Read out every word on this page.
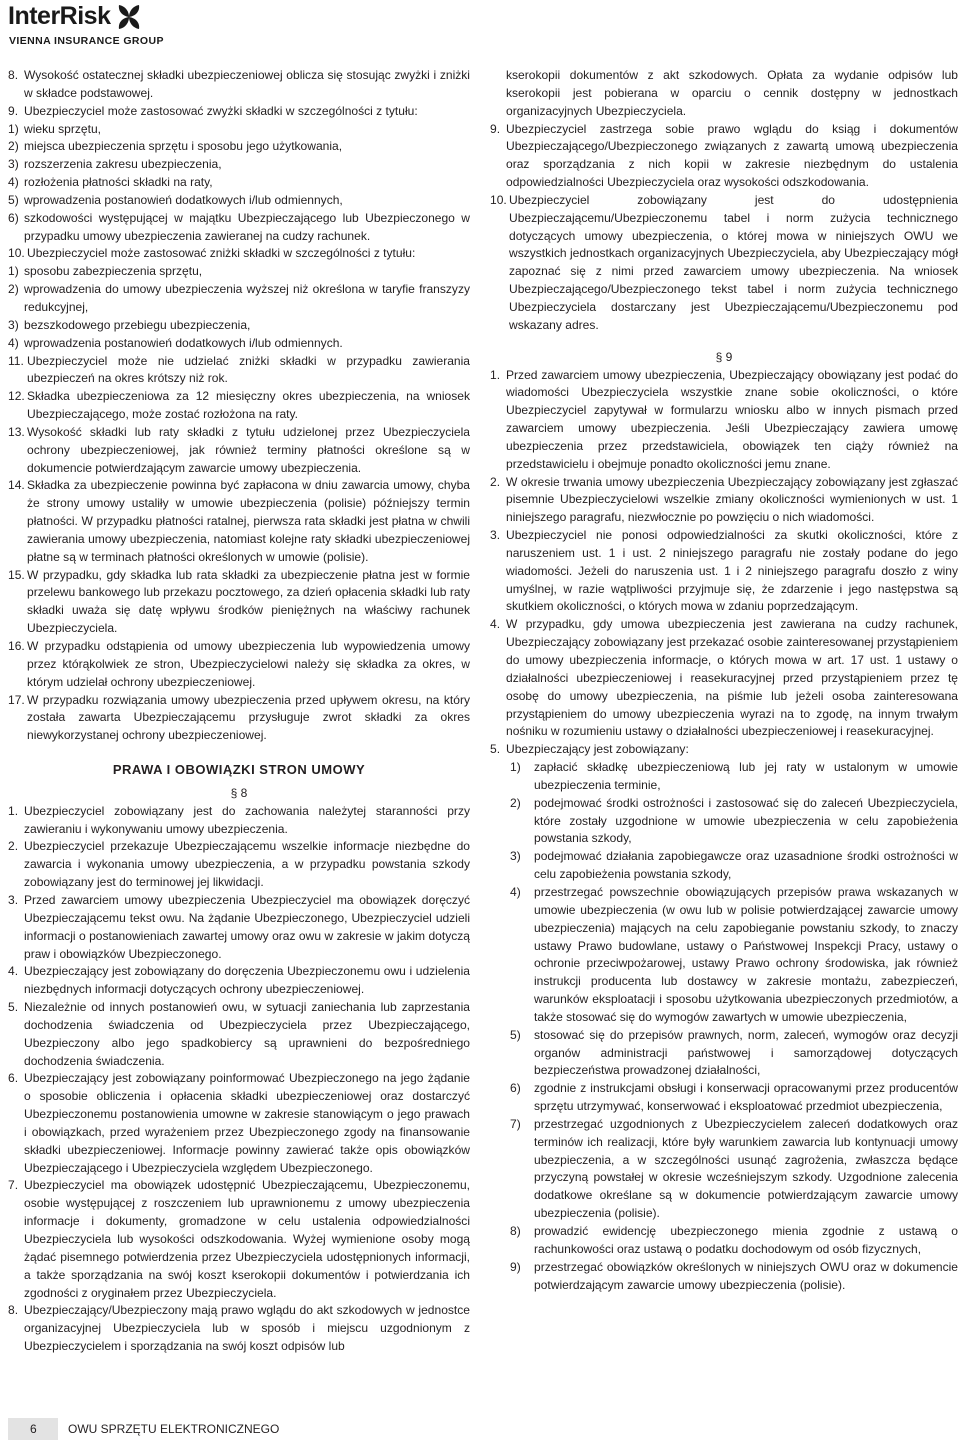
InterRisk
VIENNA INSURANCE GROUP
8. Wysokość ostatecznej składki ubezpieczeniowej oblicza się stosując zwyżki i zniżki w składce podstawowej.
9. Ubezpieczyciel może zastosować zwyżki składki w szczególności z tytułu:
1) wieku sprzętu,
2) miejsca ubezpieczenia sprzętu i sposobu jego użytkowania,
3) rozszerzenia zakresu ubezpieczenia,
4) rozłożenia płatności składki na raty,
5) wprowadzenia postanowień dodatkowych i/lub odmiennych,
6) szkodowości występującej w majątku Ubezpieczającego lub Ubezpieczonego w przypadku umowy ubezpieczenia zawieranej na cudzy rachunek.
10. Ubezpieczyciel może zastosować zniżki składki w szczególności z tytułu:
1) sposobu zabezpieczenia sprzętu,
2) wprowadzenia do umowy ubezpieczenia wyższej niż określona w taryfie franszyzy redukcyjnej,
3) bezszkodowego przebiegu ubezpieczenia,
4) wprowadzenia postanowień dodatkowych i/lub odmiennych.
11. Ubezpieczyciel może nie udzielać zniżki składki w przypadku zawierania ubezpieczeń na okres krótszy niż rok.
12. Składka ubezpieczeniowa za 12 miesięczny okres ubezpieczenia, na wniosek Ubezpieczającego, może zostać rozłożona na raty.
13. Wysokość składki lub raty składki z tytułu udzielonej przez Ubezpieczyciela ochrony ubezpieczeniowej, jak również terminy płatności określone są w dokumencie potwierdzającym zawarcie umowy ubezpieczenia.
14. Składka za ubezpieczenie powinna być zapłacona w dniu zawarcia umowy, chyba że strony umowy ustaliły w umowie ubezpieczenia (polisie) późniejszy termin płatności. W przypadku płatności ratalnej, pierwsza rata składki jest płatna w chwili zawierania umowy ubezpieczenia, natomiast kolejne raty składki ubezpieczeniowej płatne są w terminach płatności określonych w umowie (polisie).
15. W przypadku, gdy składka lub rata składki za ubezpieczenie płatna jest w formie przelewu bankowego lub przekazu pocztowego, za dzień opłacenia składki lub raty składki uważa się datę wpływu środków pieniężnych na właściwy rachunek Ubezpieczyciela.
16. W przypadku odstąpienia od umowy ubezpieczenia lub wypowiedzenia umowy przez którąkolwiek ze stron, Ubezpieczycielowi należy się składka za okres, w którym udzielał ochrony ubezpieczeniowej.
17. W przypadku rozwiązania umowy ubezpieczenia przed upływem okresu, na który została zawarta Ubezpieczającemu przysługuje zwrot składki za okres niewykorzystanej ochrony ubezpieczeniowej.
PRAWA I OBOWIĄZKI STRON UMOWY
§ 8
1. Ubezpieczyciel zobowiązany jest do zachowania należytej staranności przy zawieraniu i wykonywaniu umowy ubezpieczenia.
2. Ubezpieczyciel przekazuje Ubezpieczającemu wszelkie informacje niezbędne do zawarcia i wykonania umowy ubezpieczenia, a w przypadku powstania szkody zobowiązany jest do terminowej jej likwidacji.
3. Przed zawarciem umowy ubezpieczenia Ubezpieczyciel ma obowiązek doręczyć Ubezpieczającemu tekst owu. Na żądanie Ubezpieczonego, Ubezpieczyciel udzieli informacji o postanowieniach zawartej umowy oraz owu w zakresie w jakim dotyczą praw i obowiązków Ubezpieczonego.
4. Ubezpieczający jest zobowiązany do doręczenia Ubezpieczonemu owu i udzielenia niezbędnych informacji dotyczących ochrony ubezpieczeniowej.
5. Niezależnie od innych postanowień owu, w sytuacji zaniechania lub zaprzestania dochodzenia świadczenia od Ubezpieczyciela przez Ubezpieczającego, Ubezpieczony albo jego spadkobiercy są uprawnieni do bezpośredniego dochodzenia świadczenia.
6. Ubezpieczający jest zobowiązany poinformować Ubezpieczonego na jego żądanie o sposobie obliczenia i opłacenia składki ubezpieczeniowej oraz dostarczyć Ubezpieczonemu postanowienia umowne w zakresie stanowiącym o jego prawach i obowiązkach, przed wyrażeniem przez Ubezpieczonego zgody na finansowanie składki ubezpieczeniowej. Informacje powinny zawierać także opis obowiązków Ubezpieczającego i Ubezpieczyciela względem Ubezpieczonego.
7. Ubezpieczyciel ma obowiązek udostępnić Ubezpieczającemu, Ubezpieczonemu, osobie występującej z roszczeniem lub uprawnionemu z umowy ubezpieczenia informacje i dokumenty, gromadzone w celu ustalenia odpowiedzialności Ubezpieczyciela lub wysokości odszkodowania. Wyżej wymienione osoby mogą żądać pisemnego potwierdzenia przez Ubezpieczyciela udostępnionych informacji, a także sporządzania na swój koszt kserokopii dokumentów i potwierdzania ich zgodności z oryginałem przez Ubezpieczyciela.
8. Ubezpieczający/Ubezpieczony mają prawo wglądu do akt szkodowych w jednostce organizacyjnej Ubezpieczyciela lub w sposób i miejscu uzgodnionym z Ubezpieczycielem i sporządzania na swój koszt odpisów lub
kserokopii dokumentów z akt szkodowych. Opłata za wydanie odpisów lub kserokopii jest pobierana w oparciu o cennik dostępny w jednostkach organizacyjnych Ubezpieczyciela.
9. Ubezpieczyciel zastrzega sobie prawo wglądu do ksiąg i dokumentów Ubezpieczającego/Ubezpieczonego związanych z zawartą umową ubezpieczenia oraz sporządzania z nich kopii w zakresie niezbędnym do ustalenia odpowiedzialności Ubezpieczyciela oraz wysokości odszkodowania.
10. Ubezpieczyciel zobowiązany jest do udostępnienia Ubezpieczającemu/Ubezpieczonemu tabel i norm zużycia technicznego dotyczących umowy ubezpieczenia, o której mowa w niniejszych OWU we wszystkich jednostkach organizacyjnych Ubezpieczyciela, aby Ubezpieczający mógł zapoznać się z nimi przed zawarciem umowy ubezpieczenia. Na wniosek Ubezpieczającego/Ubezpieczonego tekst tabel i norm zużycia technicznego Ubezpieczyciela dostarczany jest Ubezpieczającemu/Ubezpieczonemu pod wskazany adres.
§ 9
1. Przed zawarciem umowy ubezpieczenia, Ubezpieczający obowiązany jest podać do wiadomości Ubezpieczyciela wszystkie znane sobie okoliczności, o które Ubezpieczyciel zapytywał w formularzu wniosku albo w innych pismach przed zawarciem umowy ubezpieczenia. Jeśli Ubezpieczający zawiera umowę ubezpieczenia przez przedstawiciela, obowiązek ten ciąży również na przedstawicielu i obejmuje ponadto okoliczności jemu znane.
2. W okresie trwania umowy ubezpieczenia Ubezpieczający zobowiązany jest zgłaszać pisemnie Ubezpieczycielowi wszelkie zmiany okoliczności wymienionych w ust. 1 niniejszego paragrafu, niezwłocznie po powzięciu o nich wiadomości.
3. Ubezpieczyciel nie ponosi odpowiedzialności za skutki okoliczności, które z naruszeniem ust. 1 i ust. 2 niniejszego paragrafu nie zostały podane do jego wiadomości. Jeżeli do naruszenia ust. 1 i 2 niniejszego paragrafu doszło z winy umyślnej, w razie wątpliwości przyjmuje się, że zdarzenie i jego następstwa są skutkiem okoliczności, o których mowa w zdaniu poprzedzającym.
4. W przypadku, gdy umowa ubezpieczenia jest zawierana na cudzy rachunek, Ubezpieczający zobowiązany jest przekazać osobie zainteresowanej przystąpieniem do umowy ubezpieczenia informacje, o których mowa w art. 17 ust. 1 ustawy o działalności ubezpieczeniowej i reasekuracyjnej przed przystąpieniem przez tę osobę do umowy ubezpieczenia, na piśmie lub jeżeli osoba zainteresowana przystąpieniem do umowy ubezpieczenia wyrazi na to zgodę, na innym trwałym nośniku w rozumieniu ustawy o działalności ubezpieczeniowej i reasekuracyjnej.
5. Ubezpieczający jest zobowiązany:
1) zapłacić składkę ubezpieczeniową lub jej raty w ustalonym w umowie ubezpieczenia terminie,
2) podejmować środki ostrożności i zastosować się do zaleceń Ubezpieczyciela, które zostały uzgodnione w umowie ubezpieczenia w celu zapobieżenia powstania szkody,
3) podejmować działania zapobiegawcze oraz uzasadnione środki ostrożności w celu zapobieżenia powstania szkody,
4) przestrzegać powszechnie obowiązujących przepisów prawa wskazanych w umowie ubezpieczenia (w owu lub w polisie potwierdzającej zawarcie umowy ubezpieczenia) mających na celu zapobieganie powstaniu szkody, to znaczy ustawy Prawo budowlane, ustawy o Państwowej Inspekcji Pracy, ustawy o ochronie przeciwpożarowej, ustawy Prawo ochrony środowiska, jak również instrukcji producenta lub dostawcy w zakresie montażu, zabezpieczeń, warunków eksploatacji i sposobu użytkowania ubezpieczonych przedmiotów, a także stosować się do wymogów zawartych w umowie ubezpieczenia,
5) stosować się do przepisów prawnych, norm, zaleceń, wymogów oraz decyzji organów administracji państwowej i samorządowej dotyczących bezpieczeństwa prowadzonej działalności,
6) zgodnie z instrukcjami obsługi i konserwacji opracowanymi przez producentów sprzętu utrzymywać, konserwować i eksploatować przedmiot ubezpieczenia,
7) przestrzegać uzgodnionych z Ubezpieczycielem zaleceń dodatkowych oraz terminów ich realizacji, które były warunkiem zawarcia lub kontynuacji umowy ubezpieczenia, a w szczególności usunąć zagrożenia, zwłaszcza będące przyczyną powstałej w okresie wcześniejszym szkody. Uzgodnione zalecenia dodatkowe określane są w dokumencie potwierdzającym zawarcie umowy ubezpieczenia (polisie).
8) prowadzić ewidencję ubezpieczonego mienia zgodnie z ustawą o rachunkowości oraz ustawą o podatku dochodowym od osób fizycznych,
9) przestrzegać obowiązków określonych w niniejszych OWU oraz w dokumencie potwierdzającym zawarcie umowy ubezpieczenia (polisie).
6	OWU SPRZĘTU ELEKTRONICZNEGO
